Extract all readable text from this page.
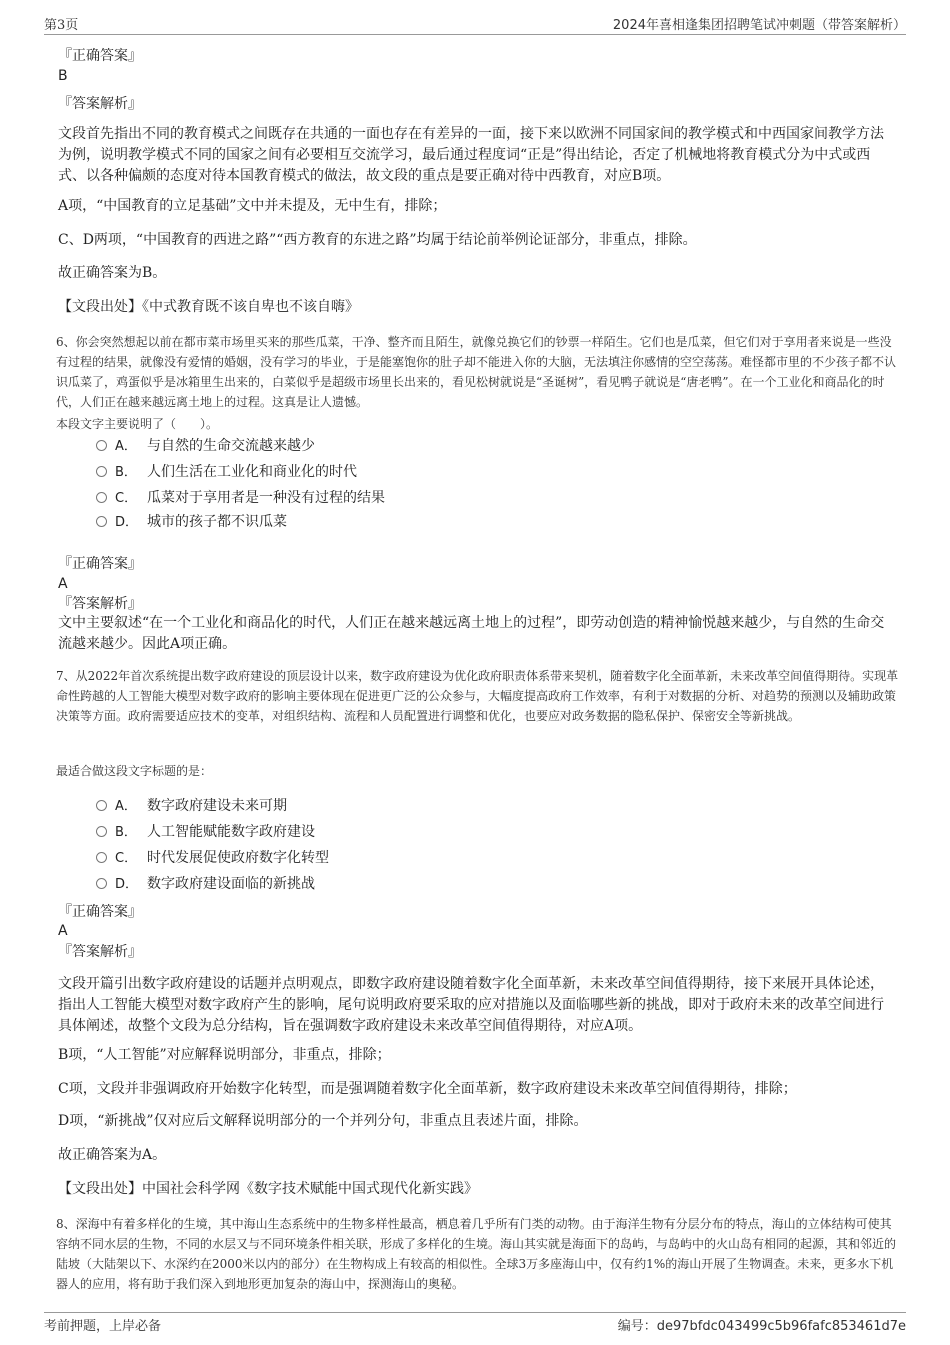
第3页	2024年喜相逢集团招聘笔试冲刺题（带答案解析）
『正确答案』
B
『答案解析』
文段首先指出不同的教育模式之间既存在共通的一面也存在有差异的一面，接下来以欧洲不同国家间的教学模式和中西国家间教学方法为例，说明教学模式不同的国家之间有必要相互交流学习，最后通过程度词“正是”得出结论，否定了机械地将教育模式分为中式或西式、以各种偏颇的态度对待本国教育模式的做法，故文段的重点是要正确对待中西教育，对应B项。
A项，“中国教育的立足基础”文中并未提及，无中生有，排除；
C、D两项，“中国教育的西进之路”“西方教育的东进之路”均属于结论前举例论证部分，非重点，排除。
故正确答案为B。
【文段出处】《中式教育既不该自卑也不该自嗨》
6、你会突然想起以前在都市菜市场里买来的那些瓜菜，干净、整齐而且陌生，就像兑换它们的钞票一样陌生。它们也是瓜菜，但它们对于享用者来说是一些没有过程的结果，就像没有爱情的婚姻，没有学习的毕业，于是能塞饱你的肚子却不能进入你的大脑，无法填注你感情的空空荡荡。难怪都市里的不少孩子都不认识瓜菜了，鸡蛋似乎是冰箱里生出来的，白菜似乎是超级市场里长出来的，看见松树就说是“圣诞树”，看见鸭子就说是“唐老鸭”。在一个工业化和商品化的时代，人们正在越来越远离土地上的过程。这真是让人遗憾。
本段文字主要说明了（　　）。
A． 与自然的生命交流越来越少
B． 人们生活在工业化和商业化的时代
C． 瓜菜对于享用者是一种没有过程的结果
D． 城市的孩子都不识瓜菜
『正确答案』
A
『答案解析』
文中主要叙述“在一个工业化和商品化的时代，人们正在越来越远离土地上的过程”，即劳动创造的精神愉悦越来越少，与自然的生命交流越来越少。因此A项正确。
7、从2022年首次系统提出数字政府建设的顶层设计以来，数字政府建设为优化政府职责体系带来契机，随着数字化全面革新，未来改革空间值得期待。实现革命性跨越的人工智能大模型对数字政府的影响主要体现在促进更广泛的公众参与，大幅度提高政府工作效率，有利于对数据的分析、对趋势的预测以及辅助政策决策等方面。政府需要适应技术的变革，对组织结构、流程和人员配置进行调整和优化，也要应对政务数据的隐私保护、保密安全等新挑战。
最适合做这段文字标题的是：
A． 数字政府建设未来可期
B． 人工智能赋能数字政府建设
C． 时代发展促使政府数字化转型
D． 数字政府建设面临的新挑战
『正确答案』
A
『答案解析』
文段开篇引出数字政府建设的话题并点明观点，即数字政府建设随着数字化全面革新，未来改革空间值得期待，接下来展开具体论述，指出人工智能大模型对数字政府产生的影响，尾句说明政府要采取的应对措施以及面临哪些新的挑战，即对于政府未来的改革空间进行具体阐述，故整个文段为总分结构，旨在强调数字政府建设未来改革空间值得期待，对应A项。
B项，“人工智能”对应解释说明部分，非重点，排除；
C项，文段并非强调政府开始数字化转型，而是强调随着数字化全面革新，数字政府建设未来改革空间值得期待，排除；
D项，“新挑战”仅对应后文解释说明部分的一个并列分句，非重点且表述片面，排除。
故正确答案为A。
【文段出处】中国社会科学网《数字技术赋能中国式现代化新实践》
8、深海中有着多样化的生境，其中海山生态系统中的生物多样性最高，栖息着几乎所有门类的动物。由于海洋生物有分层分布的特点，海山的立体结构可使其容纳不同水层的生物，不同的水层又与不同环境条件相关联，形成了多样化的生境。海山其实就是海面下的岛屿，与岛屿中的火山岛有相同的起源，其和邻近的陆坡（大陆架以下、水深约在2000米以内的部分）在生物构成上有较高的相似性。全球3万多座海山中，仅有约1%的海山开展了生物调查。未来，更多水下机器人的应用，将有助于我们深入到地形更加复杂的海山中，探测海山的奥秘。
考前押题，上岸必备	编号：de97bfdc043499c5b96fafc853461d7e
